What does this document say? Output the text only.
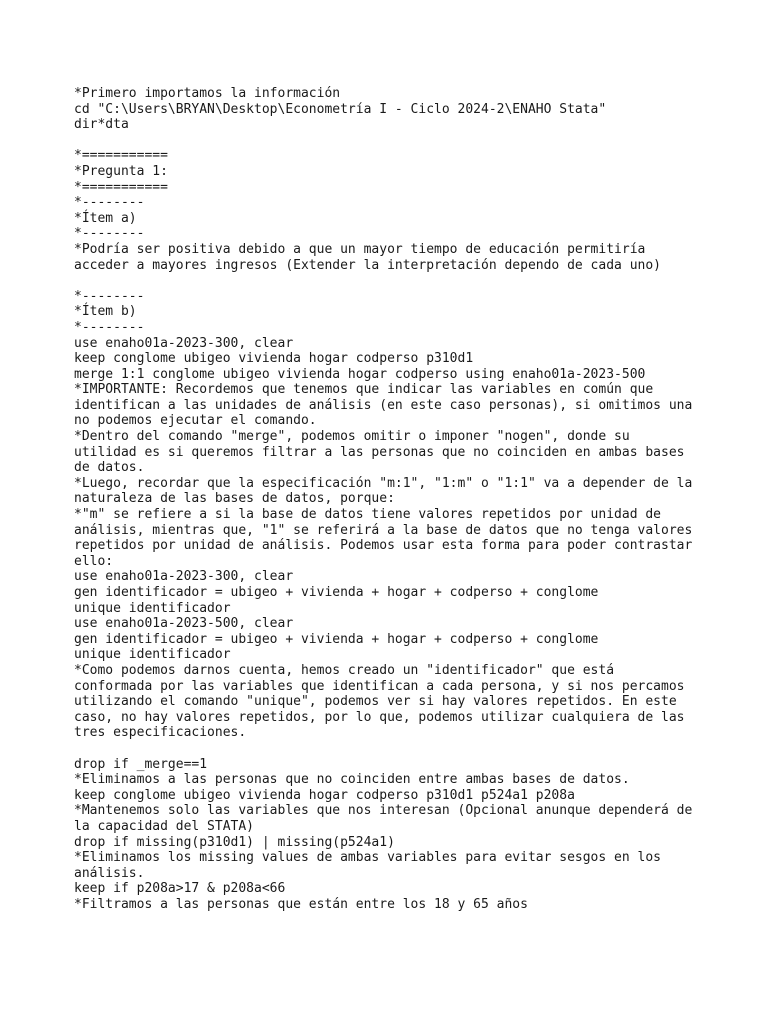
*Primero importamos la información
cd "C:\Users\BRYAN\Desktop\Econometría I - Ciclo 2024-2\ENAHO Stata"
dir*dta
*===========
*Pregunta 1:
*===========
*--------
*Ítem a)
*--------
*Podría ser positiva debido a que un mayor tiempo de educación permitiría
acceder a mayores ingresos (Extender la interpretación dependo de cada uno)
*--------
*Ítem b)
*--------
use enaho01a-2023-300, clear
keep conglome ubigeo vivienda hogar codperso p310d1
merge 1:1 conglome ubigeo vivienda hogar codperso using enaho01a-2023-500
*IMPORTANTE: Recordemos que tenemos que indicar las variables en común que
identifican a las unidades de análisis (en este caso personas), si omitimos una
no podemos ejecutar el comando.
*Dentro del comando "merge", podemos omitir o imponer "nogen", donde su
utilidad es si queremos filtrar a las personas que no coinciden en ambas bases
de datos.
*Luego, recordar que la especificación "m:1", "1:m" o "1:1" va a depender de la
naturaleza de las bases de datos, porque:
*"m" se refiere a si la base de datos tiene valores repetidos por unidad de
análisis, mientras que, "1" se referirá a la base de datos que no tenga valores
repetidos por unidad de análisis. Podemos usar esta forma para poder contrastar
ello:
use enaho01a-2023-300, clear
gen identificador = ubigeo + vivienda + hogar + codperso + conglome
unique identificador
use enaho01a-2023-500, clear
gen identificador = ubigeo + vivienda + hogar + codperso + conglome
unique identificador
*Como podemos darnos cuenta, hemos creado un "identificador" que está
conformada por las variables que identifican a cada persona, y si nos percamos
utilizando el comando "unique", podemos ver si hay valores repetidos. En este
caso, no hay valores repetidos, por lo que, podemos utilizar cualquiera de las
tres especificaciones.
drop if _merge==1
*Eliminamos a las personas que no coinciden entre ambas bases de datos.
keep conglome ubigeo vivienda hogar codperso p310d1 p524a1 p208a
*Mantenemos solo las variables que nos interesan (Opcional anunque dependerá de
la capacidad del STATA)
drop if missing(p310d1) | missing(p524a1)
*Eliminamos los missing values de ambas variables para evitar sesgos en los
análisis.
keep if p208a>17 & p208a<66
*Filtramos a las personas que están entre los 18 y 65 años
